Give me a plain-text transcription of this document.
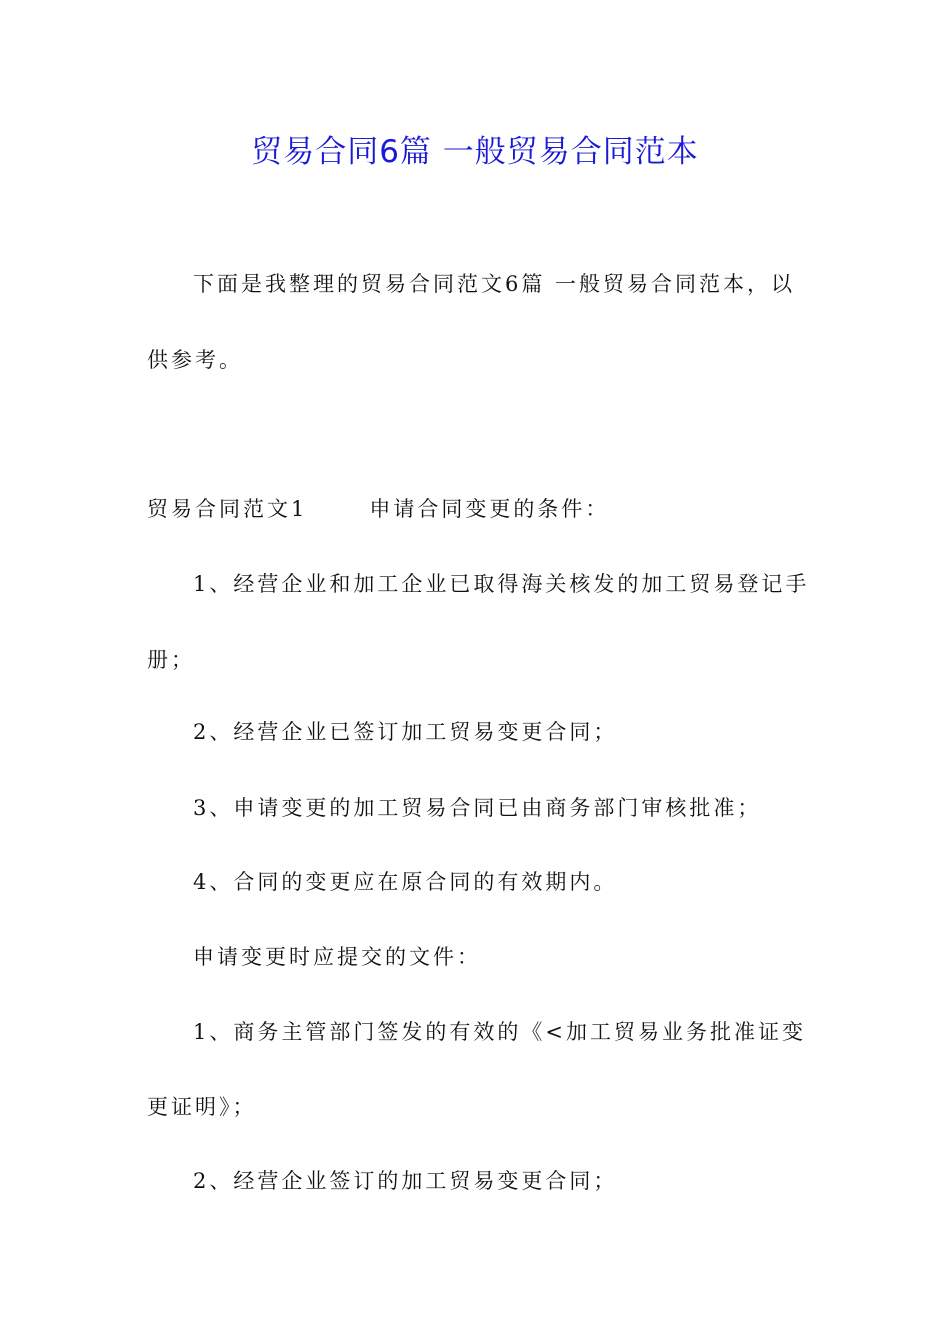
贸易合同6篇 一般贸易合同范本

下面是我整理的贸易合同范文6篇 一般贸易合同范本，以

供参考。

贸易合同范文1	申请合同变更的条件：

1、经营企业和加工企业已取得海关核发的加工贸易登记手

册；

2、经营企业已签订加工贸易变更合同；

3、申请变更的加工贸易合同已由商务部门审核批准；

4、合同的变更应在原合同的有效期内。

申请变更时应提交的文件：

1、商务主管部门签发的有效的《<加工贸易业务批准证变

更证明》；

2、经营企业签订的加工贸易变更合同；
